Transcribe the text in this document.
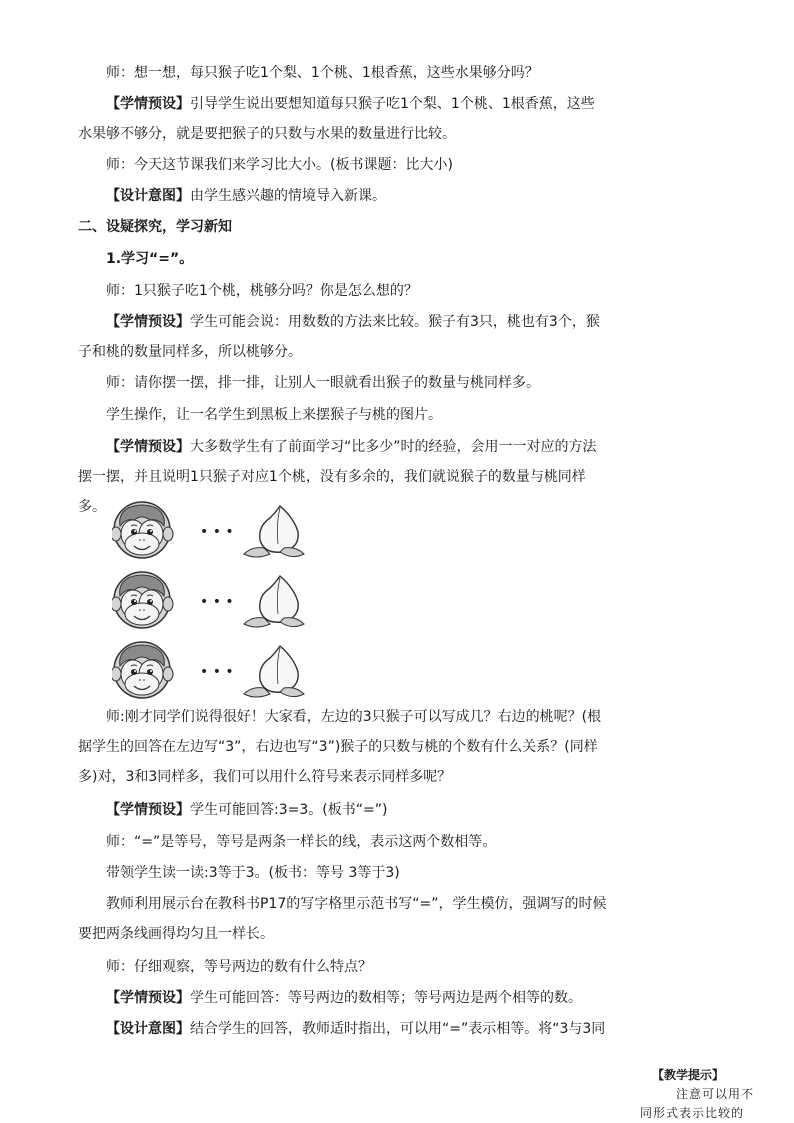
师：想一想，每只猴子吃1个梨、1个桃、1根香蕉，这些水果够分吗？

【学情预设】引导学生说出要想知道每只猴子吃1个梨、1个桃、1根香蕉，这些水果够不够分，就是要把猴子的只数与水果的数量进行比较。

师：今天这节课我们来学习比大小。(板书课题：比大小)

【设计意图】由学生感兴趣的情境导入新课。

二、设疑探究，学习新知

1.学习“=”。

师：1只猴子吃1个桃，桃够分吗？你是怎么想的？

【学情预设】学生可能会说：用数数的方法来比较。猴子有3只，桃也有3个，猴子和桃的数量同样多，所以桃够分。

师：请你摆一摆，排一排，让别人一眼就看出猴子的数量与桃同样多。

学生操作，让一名学生到黑板上来摆猴子与桃的图片。

【学情预设】大多数学生有了前面学习“比多少”时的经验，会用一一对应的方法摆一摆，并且说明1只猴子对应1个桃，没有多余的，我们就说猴子的数量与桃同样多。

• • •
• • •
• • •

师:刚才同学们说得很好！大家看，左边的3只猴子可以写成几？右边的桃呢？(根据学生的回答在左边写“3”，右边也写“3”)猴子的只数与桃的个数有什么关系？(同样多)对，3和3同样多，我们可以用什么符号来表示同样多呢？

【学情预设】学生可能回答:3=3。(板书“=”)

师：“=”是等号，等号是两条一样长的线，表示这两个数相等。

带领学生读一读:3等于3。(板书：等号 3等于3)

教师利用展示台在教科书P17的写字格里示范书写“=”，学生模仿，强调写的时候要把两条线画得均匀且一样长。

师：仔细观察，等号两边的数有什么特点？

【学情预设】学生可能回答：等号两边的数相等；等号两边是两个相等的数。

【设计意图】结合学生的回答，教师适时指出，可以用“=”表示相等。将“3与3同

【教学提示】
注意可以用不
同形式表示比较的
